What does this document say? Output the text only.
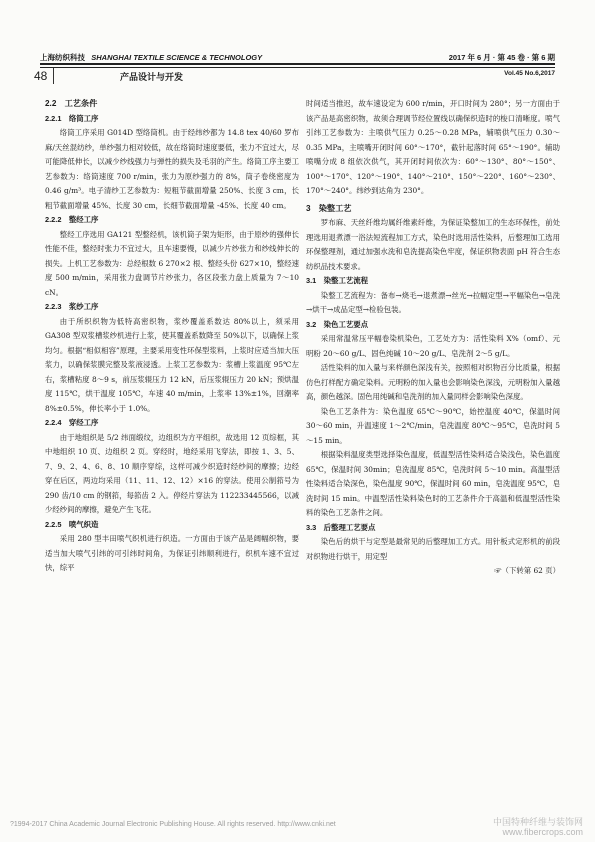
上海纺织科技 SHANGHAI TEXTILE SCIENCE & TECHNOLOGY	2017 年 6 月 · 第 45 卷 · 第 6 期
48	产品设计与开发	Vol.45 No.6,2017
2.2　工艺条件
2.2.1　络筒工序

络筒工序采用 G014D 型络筒机。由于经纬纱都为 14.8 tex 40/60 罗布麻/天丝混纺纱，单纱强力相对较低，故在络筒时速度要低，张力不宜过大，尽可能降低伸长，以减少纱线强力与弹性的损失及毛羽的产生。络筒工序主要工艺参数为：络筒速度 700 r/min，张力为原纱强力的 8%，筒子卷绕密度为 0.46 g/m³。电子清纱工艺参数为：短粗节截面增量 250%、长度 3 cm，长粗节截面增量 45%、长度 30 cm，长细节截面增量 -45%、长度 40 cm。

2.2.2　整经工序

整经工序选用 GA121 型整经机，该机筒子架为矩形，由于原纱的强伸长性能不佳，整经时张力不宜过大，且车速要慢，以减少片纱张力和纱线伸长的损失。上机工艺参数为：总经根数 6 270×2 根、整经头份 627×10，整经速度 500 m/min，采用张力盘调节片纱张力，各区段张力盘上质量为 7～10 cN。

2.2.3　浆纱工序

由于所织织物为低特高密织物，浆纱覆盖系数达 80%以上，须采用 GA308 型双浆槽浆纱机进行上浆，使其覆盖系数降至 50%以下，以确保上浆均匀。根据“相似相容”原理，主要采用变性环保型浆料，上浆时应适当加大压浆力，以确保浆膜完整及浆液浸透。上浆工艺参数为：浆槽上浆温度 95℃左右，浆槽粘度 8～9 s，前压浆辊压力 12 kN，后压浆辊压力 20 kN；预烘温度 115℃，烘干温度 105℃，车速 40 m/min，上浆率 13%±1%，回潮率 8%±0.5%，伸长率小于 1.0%。

2.2.4　穿经工序

由于地组织是 5/2 纬面缎纹，边组织为方平组织，故选用 12 页综框，其中地组织 10 页、边组织 2 页。穿经时，地经采用飞穿法，即按 1、3、5、7、9、2、4、6、8、10 顺序穿综，这样可减少织造时经纱间的摩擦；边经穿在后区，两边均采用（11、11、12、12）×16 的穿法。使用公制筘号为 290 齿/10 cm 的钢筘，每筘齿 2 入。停经片穿法为 112233445566，以减少经纱间的摩擦，避免产生飞花。

2.2.5　喷气织造

采用 280 型丰田喷气织机进行织造。一方面由于该产品是阔幅织物，要适当加大喷气引纬的可引纬时间角，为保证引纬顺利进行，织机车速不宜过快，综平

时间适当推迟，故车速设定为 600 r/min，开口时间为 280°；另一方面由于该产品是高密织物，故须合理调节经位置线以确保织造时的梭口清晰度。喷气引纬工艺参数为：主喷供气压力 0.25～0.28 MPa，辅喷供气压力 0.30～0.35 MPa，主喷嘴开闭时间 60°～170°，截针起落时间 65°～190°。辅助喷嘴分成 8 组依次供气，其开闭时间依次为：60°～130°、80°～150°、100°～170°、120°～190°、140°～210°、150°～220°、160°～230°、170°～240°。纬纱到达角为 230°。

3　染整工艺

罗布麻、天丝纤维均属纤维素纤维，为保证染整加工的生态环保性，前处理选用退煮漂一浴法短流程加工方式，染色时选用活性染料，后整理加工选用环保整理剂，通过加强水洗和皂洗提高染色牢度，保证织物表面 pH 符合生态纺织品技术要求。

3.1　染整工艺流程

染整工艺流程为：备布→烧毛→退煮漂→丝光→拉幅定型→平幅染色→皂洗→烘干→成品定型→检验包装。

3.2　染色工艺要点

采用常温常压平幅卷染机染色，工艺处方为：活性染料 X%（omf）、元明粉 20～60 g/L、固色纯碱 10～20 g/L、皂洗剂 2～5 g/L。

活性染料的加入量与来样颜色深浅有关，按照相对织物百分比质量，根据仿色打样配方确定染料。元明粉的加入量也会影响染色深浅，元明粉加入量越高，颜色越深。固色用纯碱和皂洗剂的加入量同样会影响染色深度。

染色工艺条件为：染色温度 65℃～90℃，始控温度 40℃，保温时间 30～60 min，升温速度 1～2℃/min，皂洗温度 80℃～95℃，皂洗时间 5～15 min。

根据染料温度类型选择染色温度，低温型活性染料适合染浅色，染色温度 65℃，保温时间 30min；皂洗温度 85℃，皂洗时间 5～10 min。高温型活性染料适合染深色，染色温度 90℃，保温时间 60 min，皂洗温度 95℃，皂洗时间 15 min。中温型活性染料染色时的工艺条件介于高温和低温型活性染料的染色工艺条件之间。

3.3　后整理工艺要点

染色后的烘干与定型是最常见的后整理加工方式。用针板式定形机的前段对织物进行烘干，用定型

☞（下转第 62 页）
?1994-2017 China Academic Journal Electronic Publishing House. All rights reserved. http://www.cnki.net	中国特种纤维与装饰网
www.fibercrops.com
